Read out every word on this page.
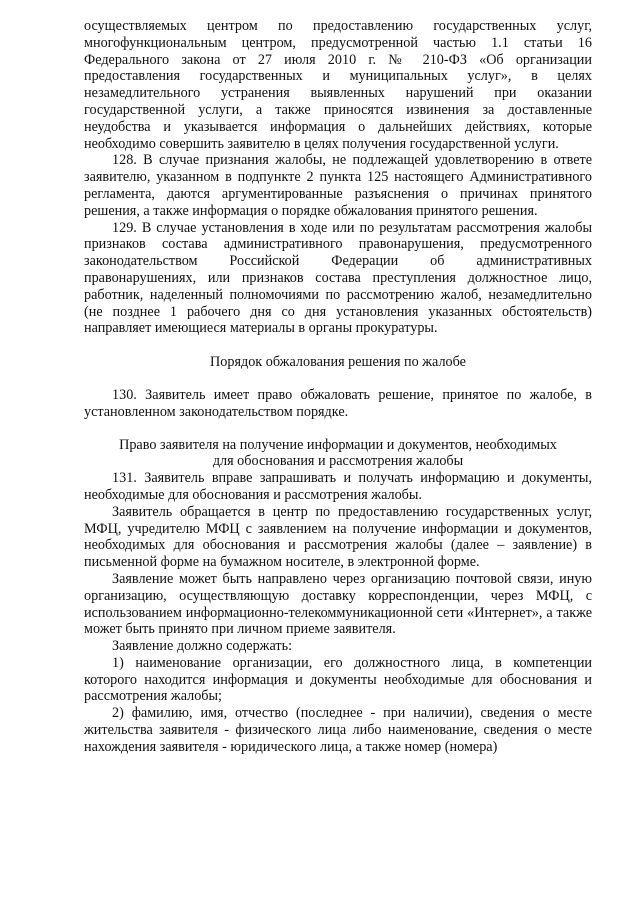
осуществляемых центром по предоставлению государственных услуг, многофункциональным центром, предусмотренной частью 1.1 статьи 16 Федерального закона от 27 июля 2010 г. № 210-ФЗ «Об организации предоставления государственных и муниципальных услуг», в целях незамедлительного устранения выявленных нарушений при оказании государственной услуги, а также приносятся извинения за доставленные неудобства и указывается информация о дальнейших действиях, которые необходимо совершить заявителю в целях получения государственной услуги.

128. В случае признания жалобы, не подлежащей удовлетворению в ответе заявителю, указанном в подпункте 2 пункта 125 настоящего Административного регламента, даются аргументированные разъяснения о причинах принятого решения, а также информация о порядке обжалования принятого решения.

129. В случае установления в ходе или по результатам рассмотрения жалобы признаков состава административного правонарушения, предусмотренного законодательством Российской Федерации об административных правонарушениях, или признаков состава преступления должностное лицо, работник, наделенный полномочиями по рассмотрению жалоб, незамедлительно (не позднее 1 рабочего дня со дня установления указанных обстоятельств) направляет имеющиеся материалы в органы прокуратуры.

Порядок обжалования решения по жалобе

130. Заявитель имеет право обжаловать решение, принятое по жалобе, в установленном законодательством порядке.

Право заявителя на получение информации и документов, необходимых
для обоснования и рассмотрения жалобы

131. Заявитель вправе запрашивать и получать информацию и документы, необходимые для обоснования и рассмотрения жалобы.

Заявитель обращается в центр по предоставлению государственных услуг, МФЦ, учредителю МФЦ с заявлением на получение информации и документов, необходимых для обоснования и рассмотрения жалобы (далее – заявление) в письменной форме на бумажном носителе, в электронной форме.

Заявление может быть направлено через организацию почтовой связи, иную организацию, осуществляющую доставку корреспонденции, через МФЦ, с использованием информационно-телекоммуникационной сети «Интернет», а также может быть принято при личном приеме заявителя.

Заявление должно содержать:

1) наименование организации, его должностного лица, в компетенции которого находится информация и документы необходимые для обоснования и рассмотрения жалобы;

2) фамилию, имя, отчество (последнее - при наличии), сведения о месте жительства заявителя - физического лица либо наименование, сведения о месте нахождения заявителя - юридического лица, а также номер (номера)
